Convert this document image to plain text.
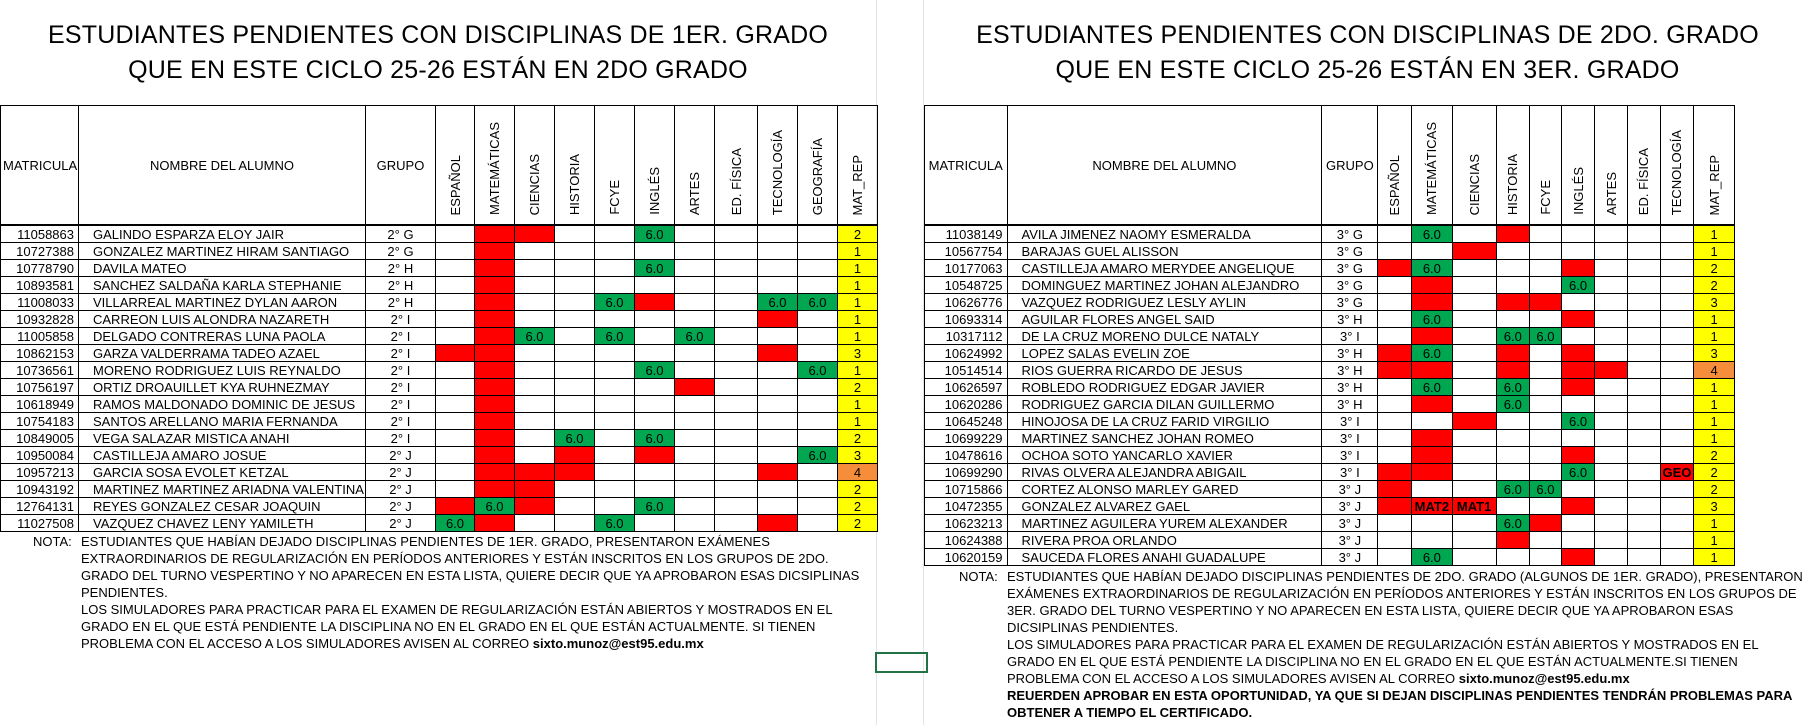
ESTUDIANTES PENDIENTES CON DISCIPLINAS DE 1ER. GRADO
QUE EN ESTE CICLO 25-26 ESTÁN EN 2DO GRADO
MATRICULA	NOMBRE DEL ALUMNO	GRUPO	ESPAÑOL	MATEMÁTICAS	CIENCIAS	HISTORIA	FCYE	INGLÉS	ARTES	ED. FÍSICA	TECNOLOGÍA	GEOGRAFÍA	MAT_REP
11058863	GALINDO ESPARZA ELOY JAIR	2° G						6.0					2
10727388	GONZALEZ MARTINEZ HIRAM SANTIAGO	2° G											1
10778790	DAVILA MATEO	2° H						6.0					1
10893581	SANCHEZ SALDAÑA KARLA STEPHANIE	2° H											1
11008033	VILLARREAL MARTINEZ DYLAN AARON	2° H					6.0				6.0	6.0	1
10932828	CARREON LUIS ALONDRA NAZARETH	2° I											1
11005858	DELGADO CONTRERAS LUNA PAOLA	2° I			6.0		6.0		6.0				1
10862153	GARZA VALDERRAMA TADEO AZAEL	2° I											3
10736561	MORENO RODRIGUEZ LUIS REYNALDO	2° I						6.0				6.0	1
10756197	ORTIZ DROAUILLET KYA RUHNEZMAY	2° I											2
10618949	RAMOS MALDONADO DOMINIC DE JESUS	2° I											1
10754183	SANTOS ARELLANO MARIA FERNANDA	2° I											1
10849005	VEGA SALAZAR MISTICA ANAHI	2° I				6.0		6.0					2
10950084	CASTILLEJA AMARO JOSUE	2° J										6.0	3
10957213	GARCIA SOSA EVOLET KETZAL	2° J											4
10943192	MARTINEZ MARTINEZ ARIADNA VALENTINA	2° J											2
12764131	REYES GONZALEZ CESAR JOAQUIN	2° J		6.0				6.0					2
11027508	VAZQUEZ CHAVEZ LENY YAMILETH	2° J	6.0				6.0						2
NOTA: ESTUDIANTES QUE HABÍAN DEJADO DISCIPLINAS PENDIENTES DE 1ER. GRADO, PRESENTARON EXÁMENES EXTRAORDINARIOS DE REGULARIZACIÓN EN PERÍODOS ANTERIORES Y ESTÁN INSCRITOS EN LOS GRUPOS DE 2DO. GRADO DEL TURNO VESPERTINO Y NO APARECEN EN ESTA LISTA, QUIERE DECIR QUE YA APROBARON ESAS DICSIPLINAS PENDIENTES.
LOS SIMULADORES PARA PRACTICAR PARA EL EXAMEN DE REGULARIZACIÓN ESTÁN ABIERTOS Y MOSTRADOS EN EL GRADO EN EL QUE ESTÁ PENDIENTE LA DISCIPLINA NO EN EL GRADO EN EL QUE ESTÁN ACTUALMENTE. SI TIENEN PROBLEMA CON EL ACCESO A LOS SIMULADORES AVISEN AL CORREO sixto.munoz@est95.edu.mx
ESTUDIANTES PENDIENTES CON DISCIPLINAS DE 2DO. GRADO
QUE EN ESTE CICLO 25-26 ESTÁN EN 3ER. GRADO
MATRICULA	NOMBRE DEL ALUMNO	GRUPO	ESPAÑOL	MATEMÁTICAS	CIENCIAS	HISTORIA	FCYE	INGLÉS	ARTES	ED. FÍSICA	TECNOLOGÍA	MAT_REP
11038149	AVILA JIMENEZ NAOMY ESMERALDA	3° G		6.0								1
10567754	BARAJAS GUEL ALISSON	3° G										1
10177063	CASTILLEJA AMARO MERYDEE ANGELIQUE	3° G		6.0								2
10548725	DOMINGUEZ MARTINEZ JOHAN ALEJANDRO	3° G						6.0				2
10626776	VAZQUEZ RODRIGUEZ LESLY AYLIN	3° G										3
10693314	AGUILAR FLORES ANGEL SAID	3° H		6.0								1
10317112	DE LA CRUZ MORENO DULCE NATALY	3° I				6.0	6.0					1
10624992	LOPEZ SALAS EVELIN ZOE	3° H		6.0								3
10514514	RIOS GUERRA RICARDO DE JESUS	3° H										4
10626597	ROBLEDO RODRIGUEZ EDGAR JAVIER	3° H		6.0		6.0						1
10620286	RODRIGUEZ GARCIA DILAN GUILLERMO	3° H				6.0						1
10645248	HINOJOSA DE LA CRUZ FARID VIRGILIO	3° I						6.0				1
10699229	MARTINEZ SANCHEZ JOHAN ROMEO	3° I										1
10478616	OCHOA SOTO YANCARLO XAVIER	3° I										2
10699290	RIVAS OLVERA ALEJANDRA ABIGAIL	3° I						6.0			GEO	2
10715866	CORTEZ ALONSO MARLEY GARED	3° J				6.0	6.0					2
10472355	GONZALEZ ALVAREZ GAEL	3° J		MAT2	MAT1							3
10623213	MARTINEZ AGUILERA YUREM ALEXANDER	3° J				6.0						1
10624388	RIVERA PROA ORLANDO	3° J										1
10620159	SAUCEDA FLORES ANAHI GUADALUPE	3° J		6.0								1
NOTA: ESTUDIANTES QUE HABÍAN DEJADO DISCIPLINAS PENDIENTES DE 2DO. GRADO (ALGUNOS DE 1ER. GRADO), PRESENTARON EXÁMENES EXTRAORDINARIOS DE REGULARIZACIÓN EN PERÍODOS ANTERIORES Y ESTÁN INSCRITOS EN LOS GRUPOS DE 3ER. GRADO DEL TURNO VESPERTINO Y NO APARECEN EN ESTA LISTA, QUIERE DECIR QUE YA APROBARON ESAS DICSIPLINAS PENDIENTES.
LOS SIMULADORES PARA PRACTICAR PARA EL EXAMEN DE REGULARIZACIÓN ESTÁN ABIERTOS Y MOSTRADOS EN EL GRADO EN EL QUE ESTÁ PENDIENTE LA DISCIPLINA NO EN EL GRADO EN EL QUE ESTÁN ACTUALMENTE.SI TIENEN PROBLEMA CON EL ACCESO A LOS SIMULADORES AVISEN AL CORREO sixto.munoz@est95.edu.mx
REUERDEN APROBAR EN ESTA OPORTUNIDAD, YA QUE SI DEJAN DISCIPLINAS PENDIENTES TENDRÁN PROBLEMAS PARA OBTENER A TIEMPO EL CERTIFICADO.
